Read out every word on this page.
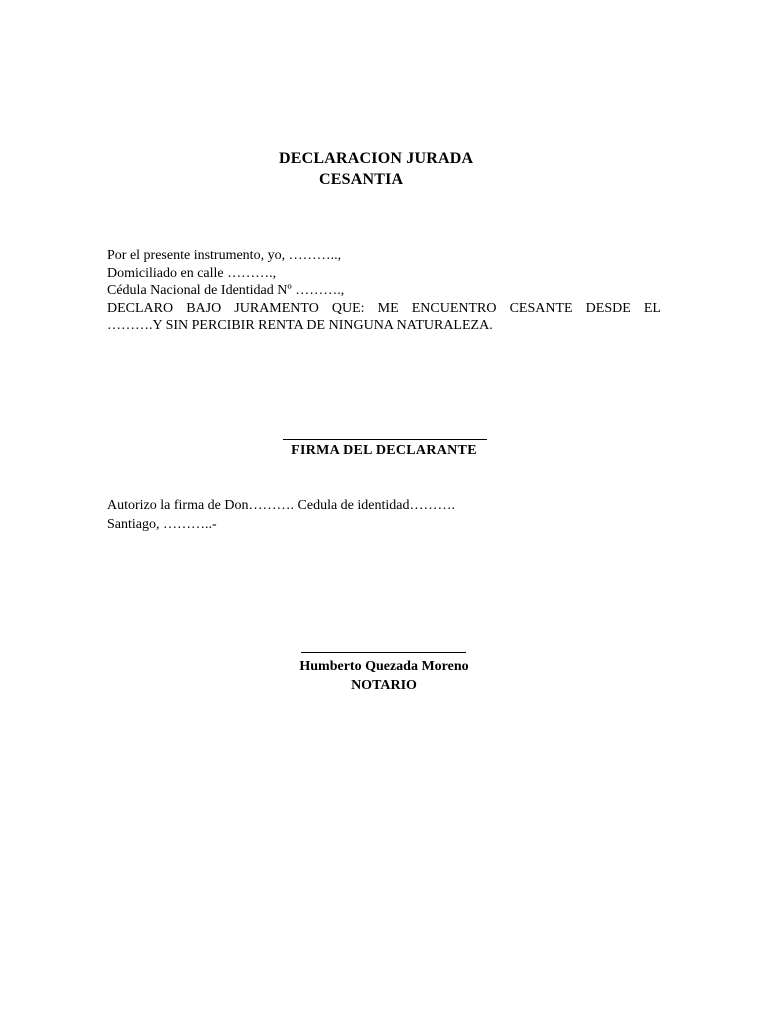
DECLARACION JURADA
CESANTIA
Por el presente instrumento, yo, ………..,
Domiciliado en calle ……….,
Cédula Nacional de Identidad Nº ……….,
DECLARO BAJO JURAMENTO QUE: ME ENCUENTRO CESANTE DESDE EL
……….Y SIN PERCIBIR RENTA DE NINGUNA NATURALEZA.
FIRMA DEL DECLARANTE
Autorizo la firma de Don………. Cedula de identidad……….
Santiago, ………..-
Humberto Quezada Moreno
NOTARIO
